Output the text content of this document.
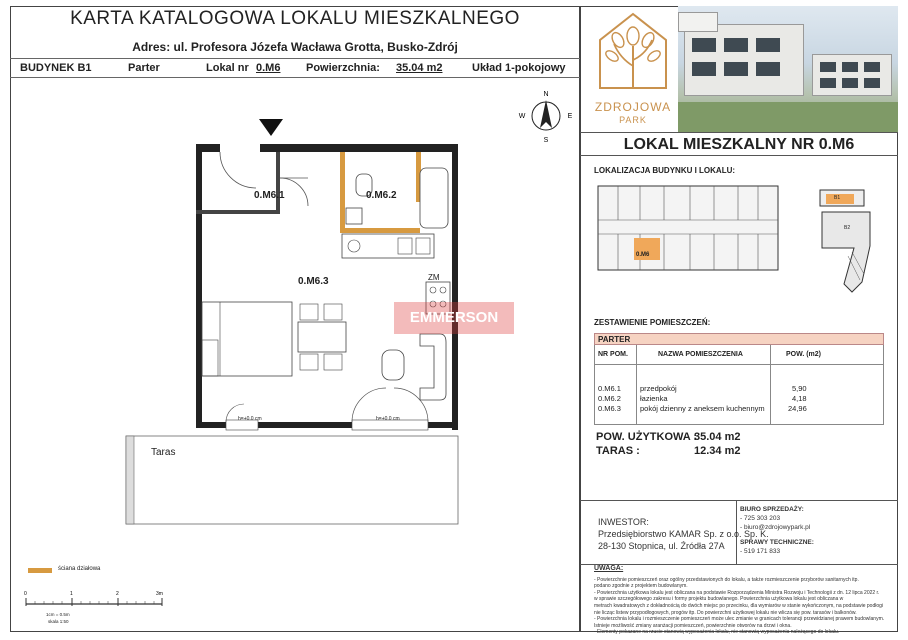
KARTA KATALOGOWA LOKALU MIESZKALNEGO
Adres: ul. Profesora Józefa Wacława Grotta, Busko-Zdrój
BUDYNEK B1	Parter	Lokal nr 0.M6 Powierzchnia: 35.04 m2	Układ 1-pokojowy
N
S
E
W
0.M6.1	0.M6.2
0.M6.3	ZM
Taras
h=+0.0 cm	h=+0.0 cm
EMMERSON
ściana działowa
0	1	2	3m
1cm = 0.5m
skala 1:50
ZDROJOWA
PARK
LOKAL MIESZKALNY NR 0.M6
LOKALIZACJA BUDYNKU I LOKALU:
0.M6
B1
B2
ZESTAWIENIE POMIESZCZEŃ:
PARTER
NR POM.	NAZWA POMIESZCZENIA	POW. (m2)
0.M6.1	przedpokój	5,90
0.M6.2	łazienka	4,18
0.M6.3	pokój dzienny z aneksem kuchennym	24,96
POW. UŻYTKOWA :
35.04 m2
TARAS :	12.34 m2
INWESTOR:
Przedsiębiorstwo KAMAR Sp. z o.o. Sp. K.
28-130 Stopnica, ul. Źródła 27A
BIURO SPRZEDAŻY:
- 725 303 203
- biuro@zdrojowypark.pl
SPRAWY TECHNICZNE:
- 519 171 833
UWAGA:
- Powierzchnie pomieszczeń oraz ogólny przedstawionych do lokalu, a także rozmieszczenie przyborów sanitarnych itp.
podano zgodnie z projektem budowlanym.
- Powierzchnia użytkowa lokalu jest obliczana na podstawie Rozporządzenia Ministra Rozwoju i Technologii z dn. 12 lipca 2022 r.
w sprawie szczegółowego zakresu i formy projektu budowlanego. Powierzchnia użytkowa lokalu jest obliczana w
metrach kwadratowych z dokładnością do dwóch miejsc po przecinku, dla wymiarów w stanie wykończonym, na podstawie podłogi
nie licząc listew przypodłogowych, progów itp. Do powierzchni użytkowej lokalu nie wlicza się pow. tarasów i balkonów.
- Powierzchnia lokalu i rozmieszczenie pomieszczeń może ulec zmianie w granicach tolerancji przewidzianej prawem budowlanym.
Istnieje możliwość zmiany aranżacji pomieszczeń, powierzchnie otworów na drzwi i okna.
- Elementy pokazane na rzucie stanowią wyposażenia lokalu, nie stanowią wyposażenia należącego do lokalu.
